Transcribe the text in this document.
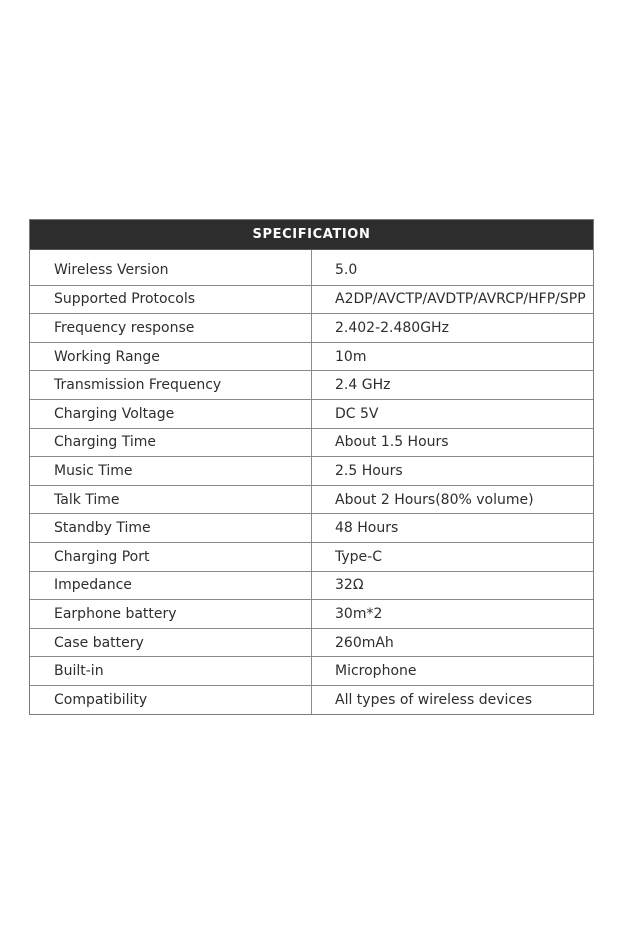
SPECIFICATION
Wireless Version	5.0
Supported Protocols	A2DP/AVCTP/AVDTP/AVRCP/HFP/SPP
Frequency response	2.402-2.480GHz
Working Range	10m
Transmission Frequency	2.4 GHz
Charging Voltage	DC 5V
Charging Time	About 1.5 Hours
Music Time	2.5 Hours
Talk Time	About 2 Hours(80% volume)
Standby Time	48 Hours
Charging Port	Type-C
Impedance	32Ω
Earphone battery	30m*2
Case battery	260mAh
Built-in	Microphone
Compatibility	All types of wireless devices
